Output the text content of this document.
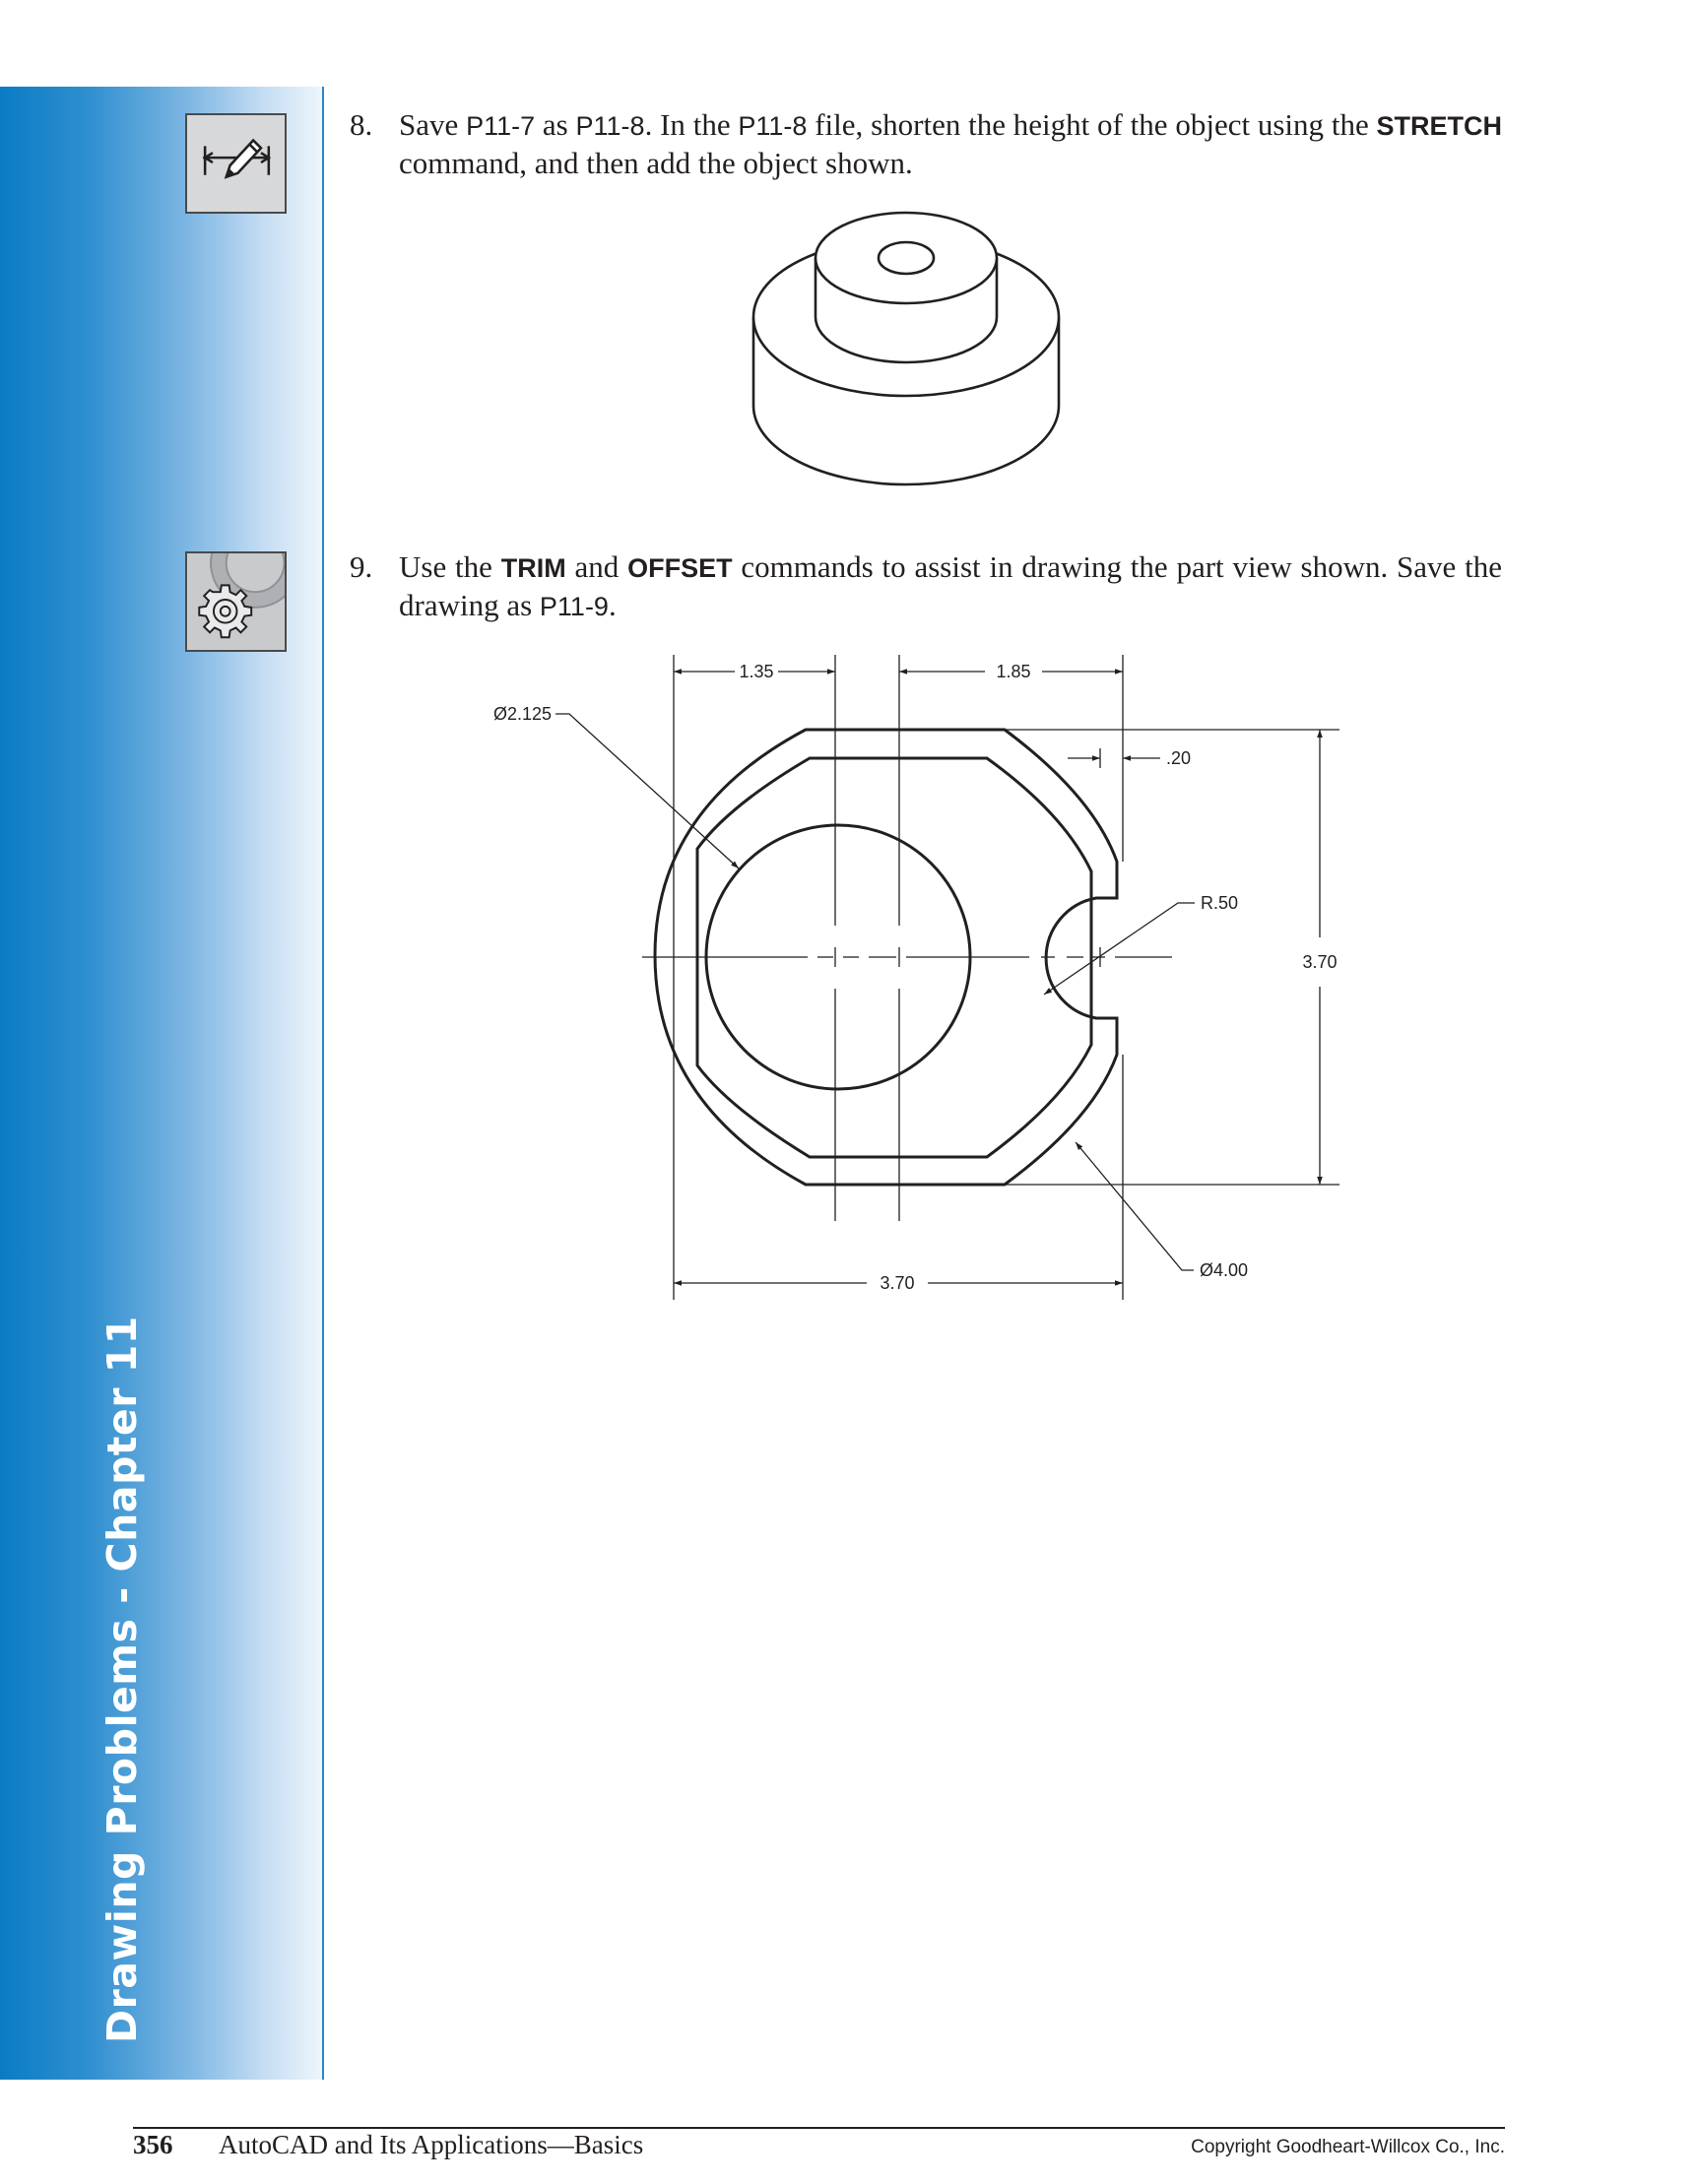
Drawing Problems - Chapter 11
8. Save P11-7 as P11-8. In the P11-8 file, shorten the height of the object using the STRETCH command, and then add the object shown.
9. Use the TRIM and OFFSET commands to assist in drawing the part view shown. Save the drawing as P11-9.
1.35	1.85
Ø2.125
.20
R.50
3.70
Ø4.00
3.70
356 AutoCAD and Its Applications—Basics	Copyright Goodheart-Willcox Co., Inc.
